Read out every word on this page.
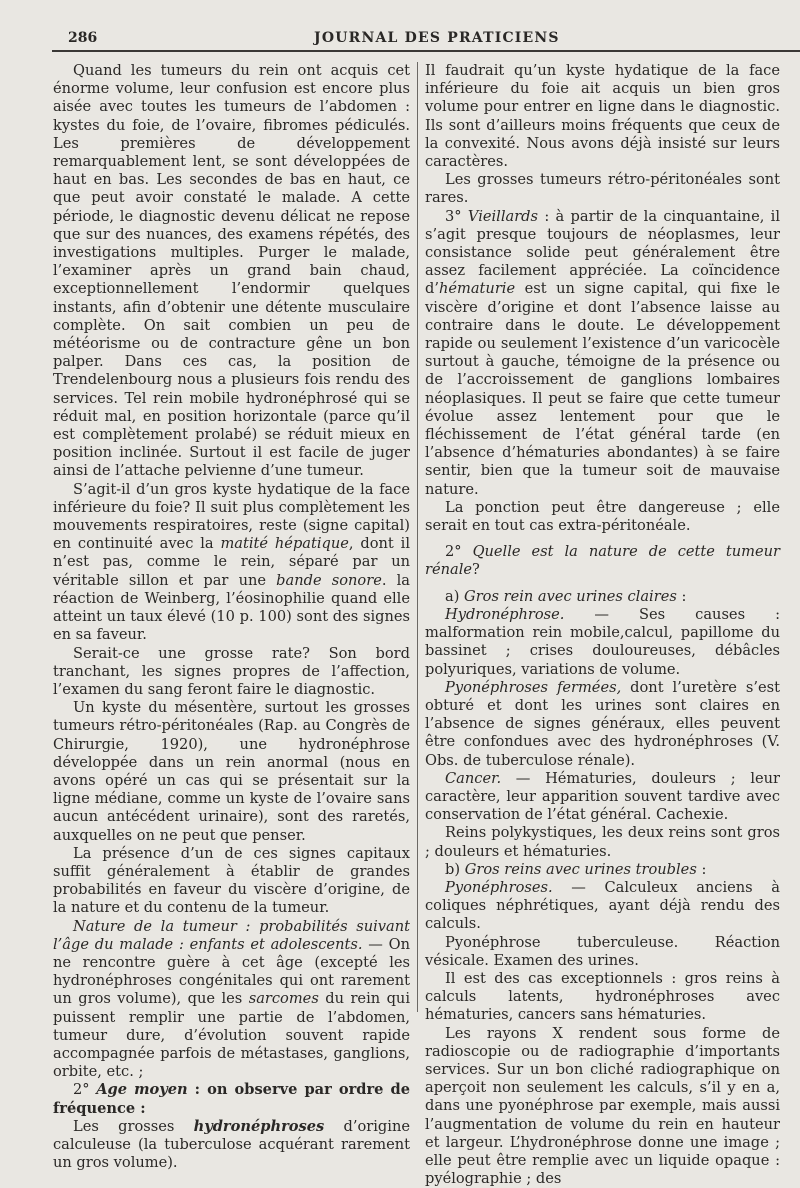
286	JOURNAL DES PRATICIENS

Quand les tumeurs du rein ont acquis cet énorme volume, leur confusion est encore plus aisée avec toutes les tumeurs de l’abdomen : kystes du foie, de l’ovaire, fibromes pédiculés. Les premières de développement remarquablement lent, se sont développées de haut en bas. Les secondes de bas en haut, ce que peut avoir constaté le malade. A cette période, le diagnostic devenu délicat ne repose que sur des nuances, des examens répétés, des investigations multiples. Purger le malade, l’examiner après un grand bain chaud, exceptionnellement l’endormir quelques instants, afin d’obtenir une détente musculaire complète. On sait combien un peu de météorisme ou de contracture gêne un bon palper. Dans ces cas, la position de Trendelenbourg nous a plusieurs fois rendu des services. Tel rein mobile hydronéphrosé qui se réduit mal, en position horizontale (parce qu’il est complètement prolabé) se réduit mieux en position inclinée. Surtout il est facile de juger ainsi de l’attache pelvienne d’une tumeur.

S’agit-il d’un gros kyste hydatique de la face inférieure du foie? Il suit plus complètement les mouvements respiratoires, reste (signe capital) en continuité avec la matité hépatique, dont il n’est pas, comme le rein, séparé par un véritable sillon et par une bande sonore. la réaction de Weinberg, l’éosinophilie quand elle atteint un taux élevé (10 p. 100) sont des signes en sa faveur.

Serait-ce une grosse rate? Son bord tranchant, les signes propres de l’affection, l’examen du sang feront faire le diagnostic.

Un kyste du mésentère, surtout les grosses tumeurs rétro-péritonéales (Rap. au Congrès de Chirurgie, 1920), une hydronéphrose développée dans un rein anormal (nous en avons opéré un cas qui se présentait sur la ligne médiane, comme un kyste de l’ovaire sans aucun antécédent urinaire), sont des raretés, auxquelles on ne peut que penser.

La présence d’un de ces signes capitaux suffit généralement à établir de grandes probabilités en faveur du viscère d’origine, de la nature et du contenu de la tumeur.

Nature de la tumeur : probabilités suivant l’âge du malade : enfants et adolescents. — On ne rencontre guère à cet âge (excepté les hydronéphroses congénitales qui ont rarement un gros volume), que les sarcomes du rein qui puissent remplir une partie de l’abdomen, tumeur dure, d’évolution souvent rapide accompagnée parfois de métastases, ganglions, orbite, etc. ;

2° Age moyen : on observe par ordre de fréquence :

Les grosses hydronéphroses d’origine calculeuse (la tuberculose acquérant rarement un gros volume).

Il faudrait qu’un kyste hydatique de la face inférieure du foie ait acquis un bien gros volume pour entrer en ligne dans le diagnostic. Ils sont d’ailleurs moins fréquents que ceux de la convexité. Nous avons déjà insisté sur leurs caractères.

Les grosses tumeurs rétro-péritonéales sont rares.

3° Vieillards : à partir de la cinquantaine, il s’agit presque toujours de néoplasmes, leur consistance solide peut généralement être assez facilement appréciée. La coïncidence d’hématurie est un signe capital, qui fixe le viscère d’origine et dont l’absence laisse au contraire dans le doute. Le développement rapide ou seulement l’existence d’un varicocèle surtout à gauche, témoigne de la présence ou de l’accroissement de ganglions lombaires néoplasiques. Il peut se faire que cette tumeur évolue assez lentement pour que le fléchissement de l’état général tarde (en l’absence d’hématuries abondantes) à se faire sentir, bien que la tumeur soit de mauvaise nature.

La ponction peut être dangereuse ; elle serait en tout cas extra-péritonéale.

2° Quelle est la nature de cette tumeur rénale?

a) Gros rein avec urines claires :

Hydronéphrose. — Ses causes : malformation rein mobile,calcul, papillome du bassinet ; crises douloureuses, débâcles polyuriques, variations de volume.

Pyonéphroses fermées, dont l’uretère s’est obturé et dont les urines sont claires en l’absence de signes généraux, elles peuvent être confondues avec des hydronéphroses (V. Obs. de tuberculose rénale).

Cancer. — Hématuries, douleurs ; leur caractère, leur apparition souvent tardive avec conservation de l’état général. Cachexie.

Reins polykystiques, les deux reins sont gros ; douleurs et hématuries.

b) Gros reins avec urines troubles :

Pyonéphroses. — Calculeux anciens à coliques néphrétiques, ayant déjà rendu des calculs.

Pyonéphrose tuberculeuse. Réaction vésicale. Examen des urines.

Il est des cas exceptionnels : gros reins à calculs latents, hydronéphroses avec hématuries, cancers sans hématuries.

Les rayons X rendent sous forme de radioscopie ou de radiographie d’importants services. Sur un bon cliché radiographique on aperçoit non seulement les calculs, s’il y en a, dans une pyonéphrose par exemple, mais aussi l’augmentation de volume du rein en hauteur et largeur. L’hydronéphrose donne une image ; elle peut être remplie avec un liquide opaque : pyélographie ; des
